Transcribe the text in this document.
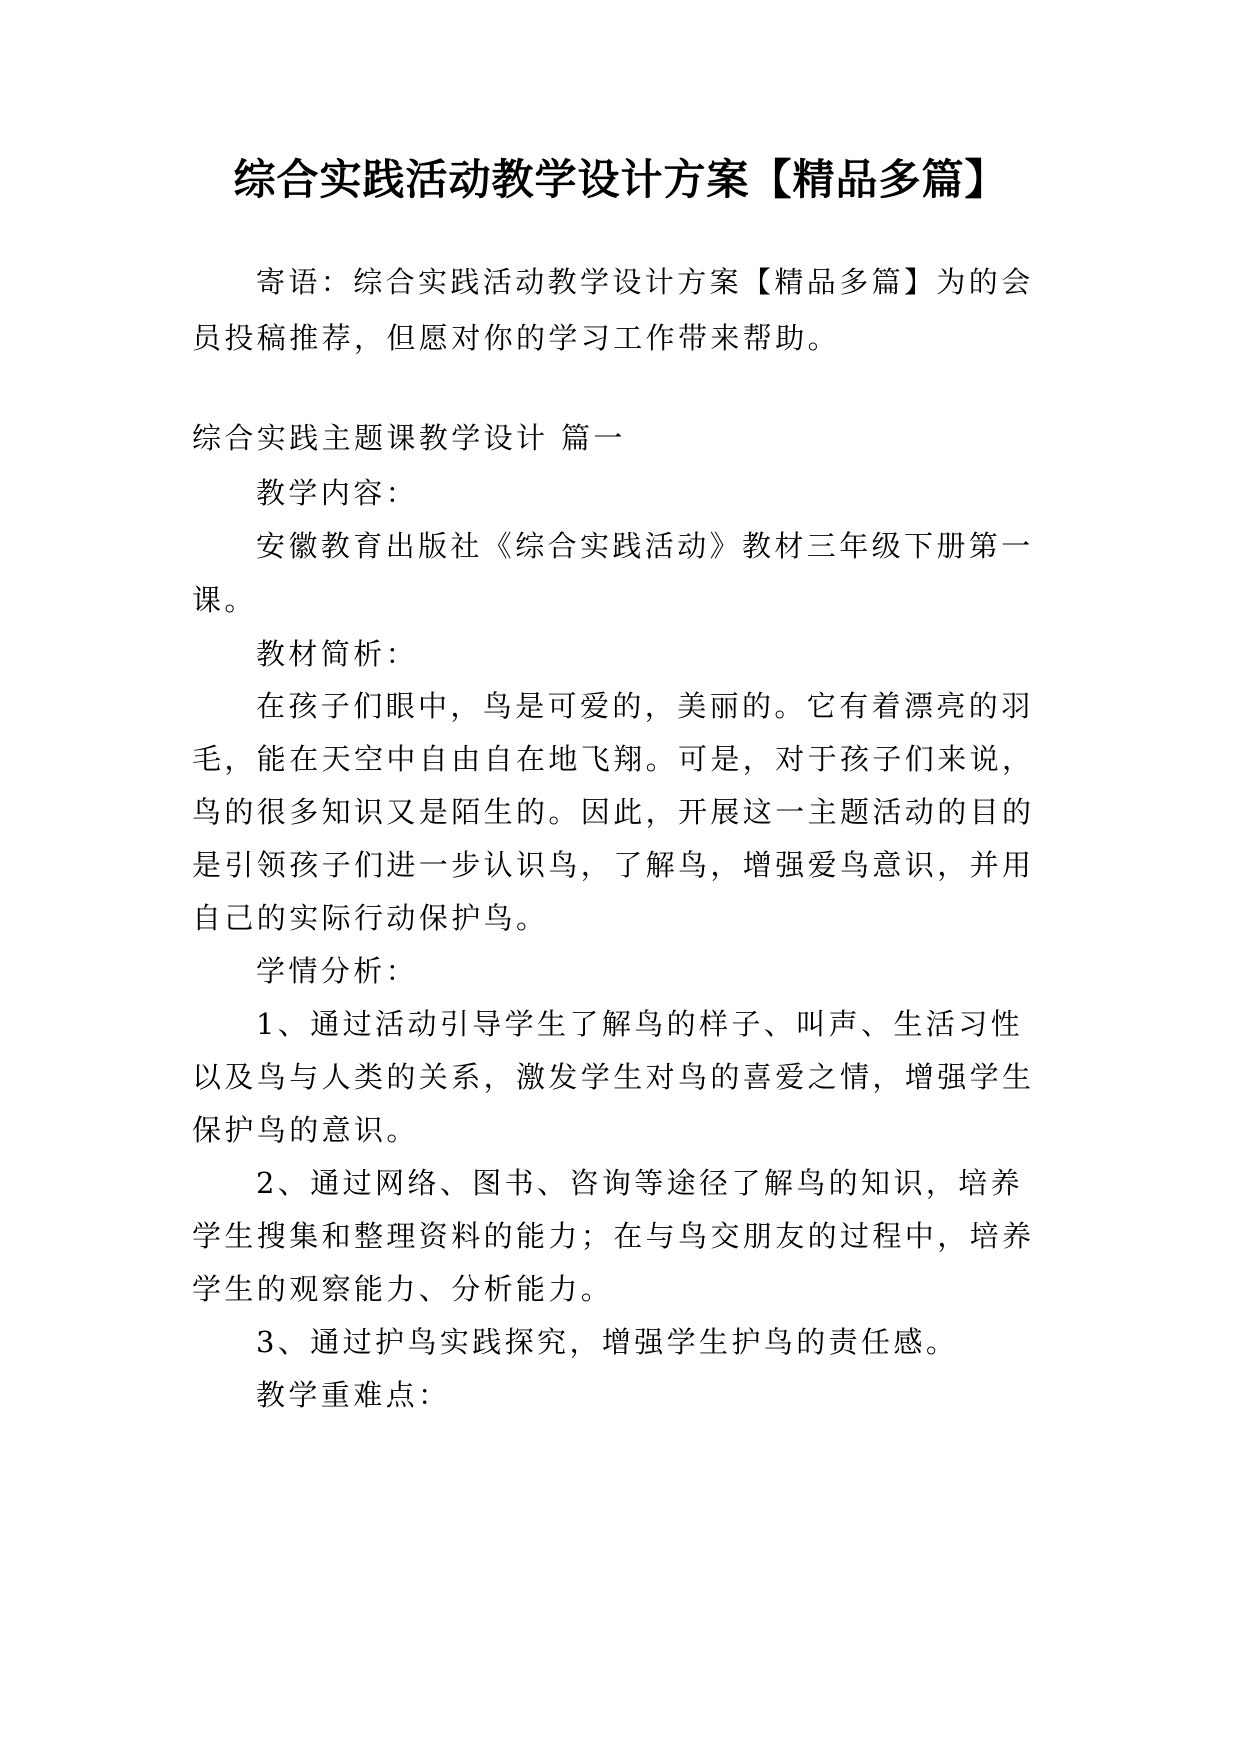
综合实践活动教学设计方案【精品多篇】
寄语：综合实践活动教学设计方案【精品多篇】为的会
员投稿推荐，但愿对你的学习工作带来帮助。
综合实践主题课教学设计 篇一
教学内容：
安徽教育出版社《综合实践活动》教材三年级下册第一
课。
教材简析：
在孩子们眼中，鸟是可爱的，美丽的。它有着漂亮的羽
毛，能在天空中自由自在地飞翔。可是，对于孩子们来说，
鸟的很多知识又是陌生的。因此，开展这一主题活动的目的
是引领孩子们进一步认识鸟，了解鸟，增强爱鸟意识，并用
自己的实际行动保护鸟。
学情分析：
1、通过活动引导学生了解鸟的样子、叫声、生活习性
以及鸟与人类的关系，激发学生对鸟的喜爱之情，增强学生
保护鸟的意识。
2、通过网络、图书、咨询等途径了解鸟的知识，培养
学生搜集和整理资料的能力；在与鸟交朋友的过程中，培养
学生的观察能力、分析能力。
3、通过护鸟实践探究，增强学生护鸟的责任感。
教学重难点：
